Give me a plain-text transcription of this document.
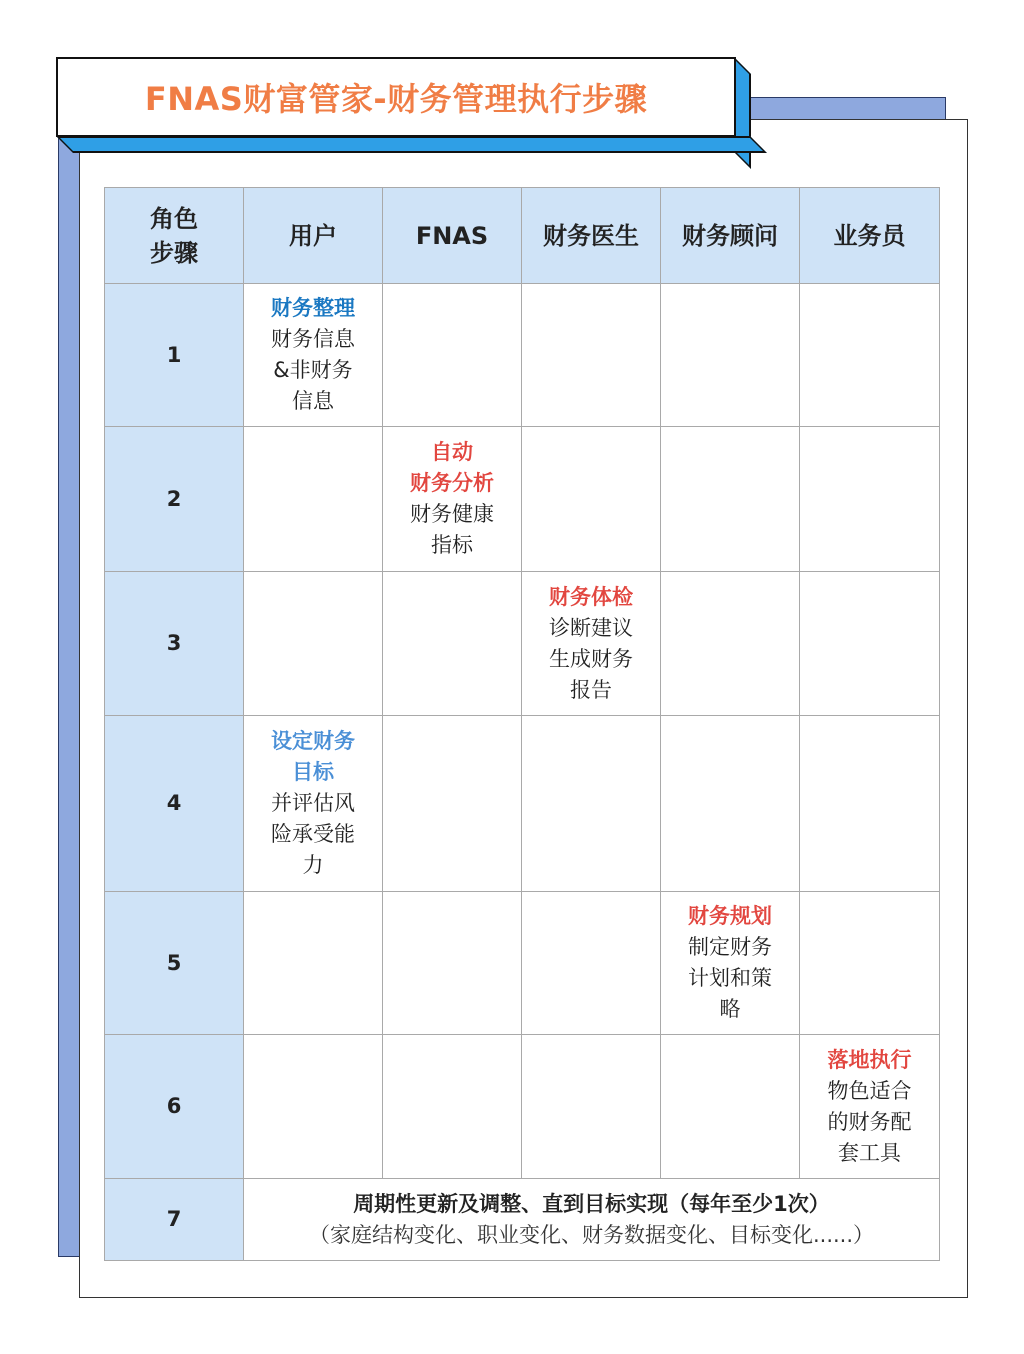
FNAS财富管家-财务管理执行步骤
角色
步骤	用户	FNAS	财务医生	财务顾问	业务员
1	财务整理
财务信息&非财务信息				
2		自动
财务分析
财务健康指标			
3			财务体检
诊断建议生成财务报告		
4	设定财务目标 并评估风险承受能力				
5				财务规划
制定财务计划和策略	
6					落地执行
物色适合的财务配套工具
7	周期性更新及调整、直到目标实现（每年至少1次）
（家庭结构变化、职业变化、财务数据变化、目标变化......）				
